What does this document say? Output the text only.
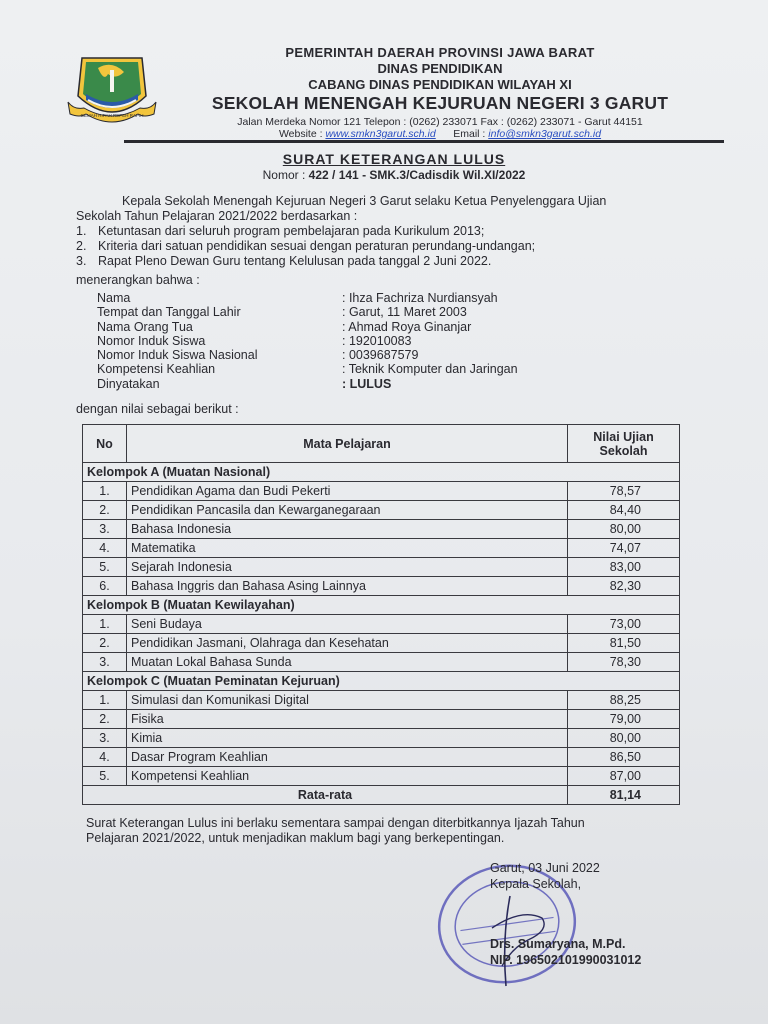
GEMAH RIPAH REPEH RAPIH
PEMERINTAH DAERAH PROVINSI JAWA BARAT
DINAS PENDIDIKAN
CABANG DINAS PENDIDIKAN WILAYAH XI
SEKOLAH MENENGAH KEJURUAN NEGERI 3 GARUT
Jalan Merdeka Nomor 121 Telepon : (0262) 233071 Fax : (0262) 233071 - Garut 44151
Website : www.smkn3garut.sch.id Email : info@smkn3garut.sch.id
SURAT KETERANGAN LULUS
Nomor : 422 / 141 - SMK.3/Cadisdik Wil.XI/2022
Kepala Sekolah Menengah Kejuruan Negeri 3 Garut selaku Ketua Penyelenggara Ujian
Sekolah Tahun Pelajaran 2021/2022 berdasarkan :
1. Ketuntasan dari seluruh program pembelajaran pada Kurikulum 2013;
2. Kriteria dari satuan pendidikan sesuai dengan peraturan perundang-undangan;
3. Rapat Pleno Dewan Guru tentang Kelulusan pada tanggal 2 Juni 2022.
menerangkan bahwa :
Nama	: Ihza Fachriza Nurdiansyah
Tempat dan Tanggal Lahir	: Garut, 11 Maret 2003
Nama Orang Tua	: Ahmad Roya Ginanjar
Nomor Induk Siswa	: 192010083
Nomor Induk Siswa Nasional	: 0039687579
Kompetensi Keahlian	: Teknik Komputer dan Jaringan
Dinyatakan	: LULUS
dengan nilai sebagai berikut :
No	Mata Pelajaran	Nilai Ujian
Sekolah
Kelompok A (Muatan Nasional)		
1.	Pendidikan Agama dan Budi Pekerti	78,57
2.	Pendidikan Pancasila dan Kewarganegaraan	84,40
3.	Bahasa Indonesia	80,00
4.	Matematika	74,07
5.	Sejarah Indonesia	83,00
6.	Bahasa Inggris dan Bahasa Asing Lainnya	82,30
Kelompok B (Muatan Kewilayahan)		
1.	Seni Budaya	73,00
2.	Pendidikan Jasmani, Olahraga dan Kesehatan	81,50
3.	Muatan Lokal Bahasa Sunda	78,30
Kelompok C (Muatan Peminatan Kejuruan)		
1.	Simulasi dan Komunikasi Digital	88,25
2.	Fisika	79,00
3.	Kimia	80,00
4.	Dasar Program Keahlian	86,50
5.	Kompetensi Keahlian	87,00
Rata-rata		81,14
Surat Keterangan Lulus ini berlaku sementara sampai dengan diterbitkannya Ijazah Tahun
Pelajaran 2021/2022, untuk menjadikan maklum bagi yang berkepentingan.
Garut, 03 Juni 2022
Kepala Sekolah,
Drs. Sumaryana, M.Pd.
NIP. 196502101990031012
